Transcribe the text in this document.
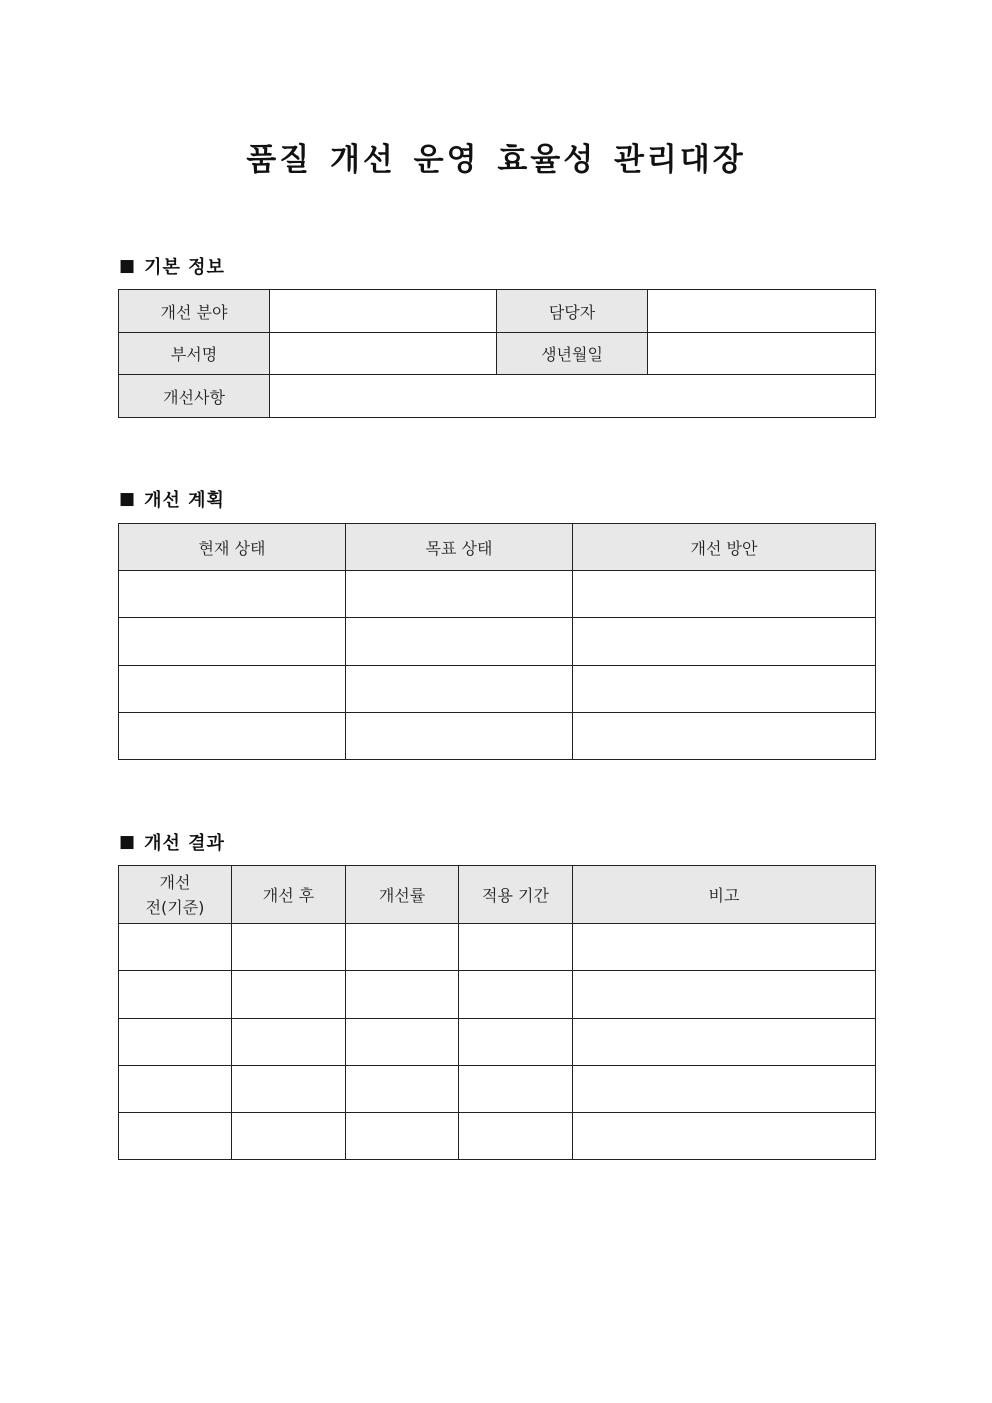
품질 개선 운영 효율성 관리대장
■ 기본 정보
개선 분야		담당자	
부서명		생년월일	
개선사항			
■ 개선 계획
현재 상태	목표 상태	개선 방안

■ 개선 결과
개선
전(기준)	개선 후	개선률	적용 기간	비고
